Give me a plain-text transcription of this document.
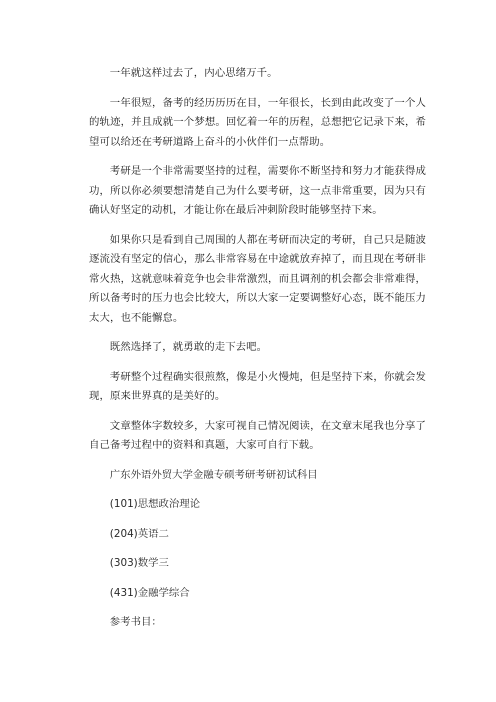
一年就这样过去了，内心思绪万千。

一年很短，备考的经历历历在目，一年很长，长到由此改变了一个人的轨迹，并且成就一个梦想。回忆着一年的历程，总想把它记录下来，希望可以给还在考研道路上奋斗的小伙伴们一点帮助。

考研是一个非常需要坚持的过程，需要你不断坚持和努力才能获得成功，所以你必须要想清楚自己为什么要考研，这一点非常重要，因为只有确认好坚定的动机，才能让你在最后冲刺阶段时能够坚持下来。

如果你只是看到自己周围的人都在考研而决定的考研，自己只是随波逐流没有坚定的信心，那么非常容易在中途就放弃掉了，而且现在考研非常火热，这就意味着竞争也会非常激烈，而且调剂的机会都会非常难得，所以备考时的压力也会比较大，所以大家一定要调整好心态，既不能压力太大，也不能懈怠。

既然选择了，就勇敢的走下去吧。

考研整个过程确实很煎熬，像是小火慢炖，但是坚持下来，你就会发现，原来世界真的是美好的。

文章整体字数较多，大家可视自己情况阅读，在文章末尾我也分享了自己备考过程中的资料和真题，大家可自行下载。

广东外语外贸大学金融专硕考研考研初试科目
(101)思想政治理论
(204)英语二
(303)数学三
(431)金融学综合
参考书目：
